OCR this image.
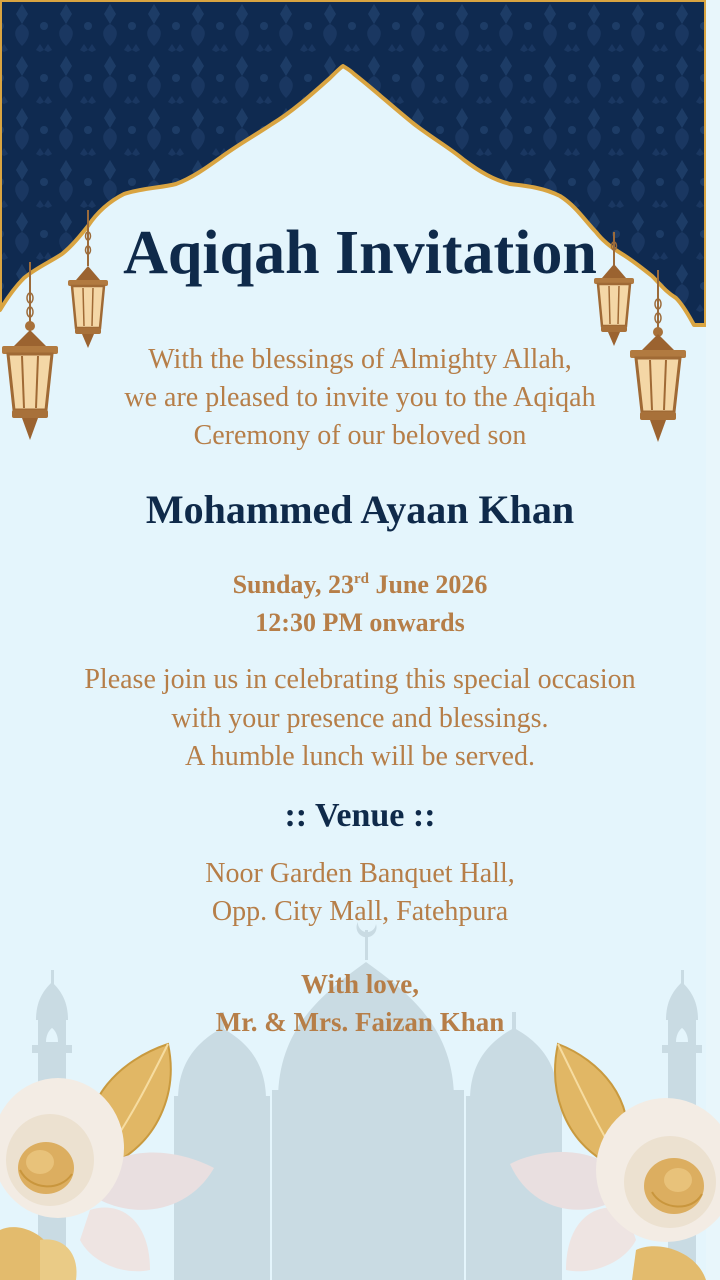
Aqiqah Invitation
With the blessings of Almighty Allah,
we are pleased to invite you to the Aqiqah
Ceremony of our beloved son
Mohammed Ayaan Khan
Sunday, 23rd June 2026
12:30 PM onwards
Please join us in celebrating this special occasion
with your presence and blessings.
A humble lunch will be served.
:: Venue ::
Noor Garden Banquet Hall,
Opp. City Mall, Fatehpura
With love,
Mr. & Mrs. Faizan Khan
